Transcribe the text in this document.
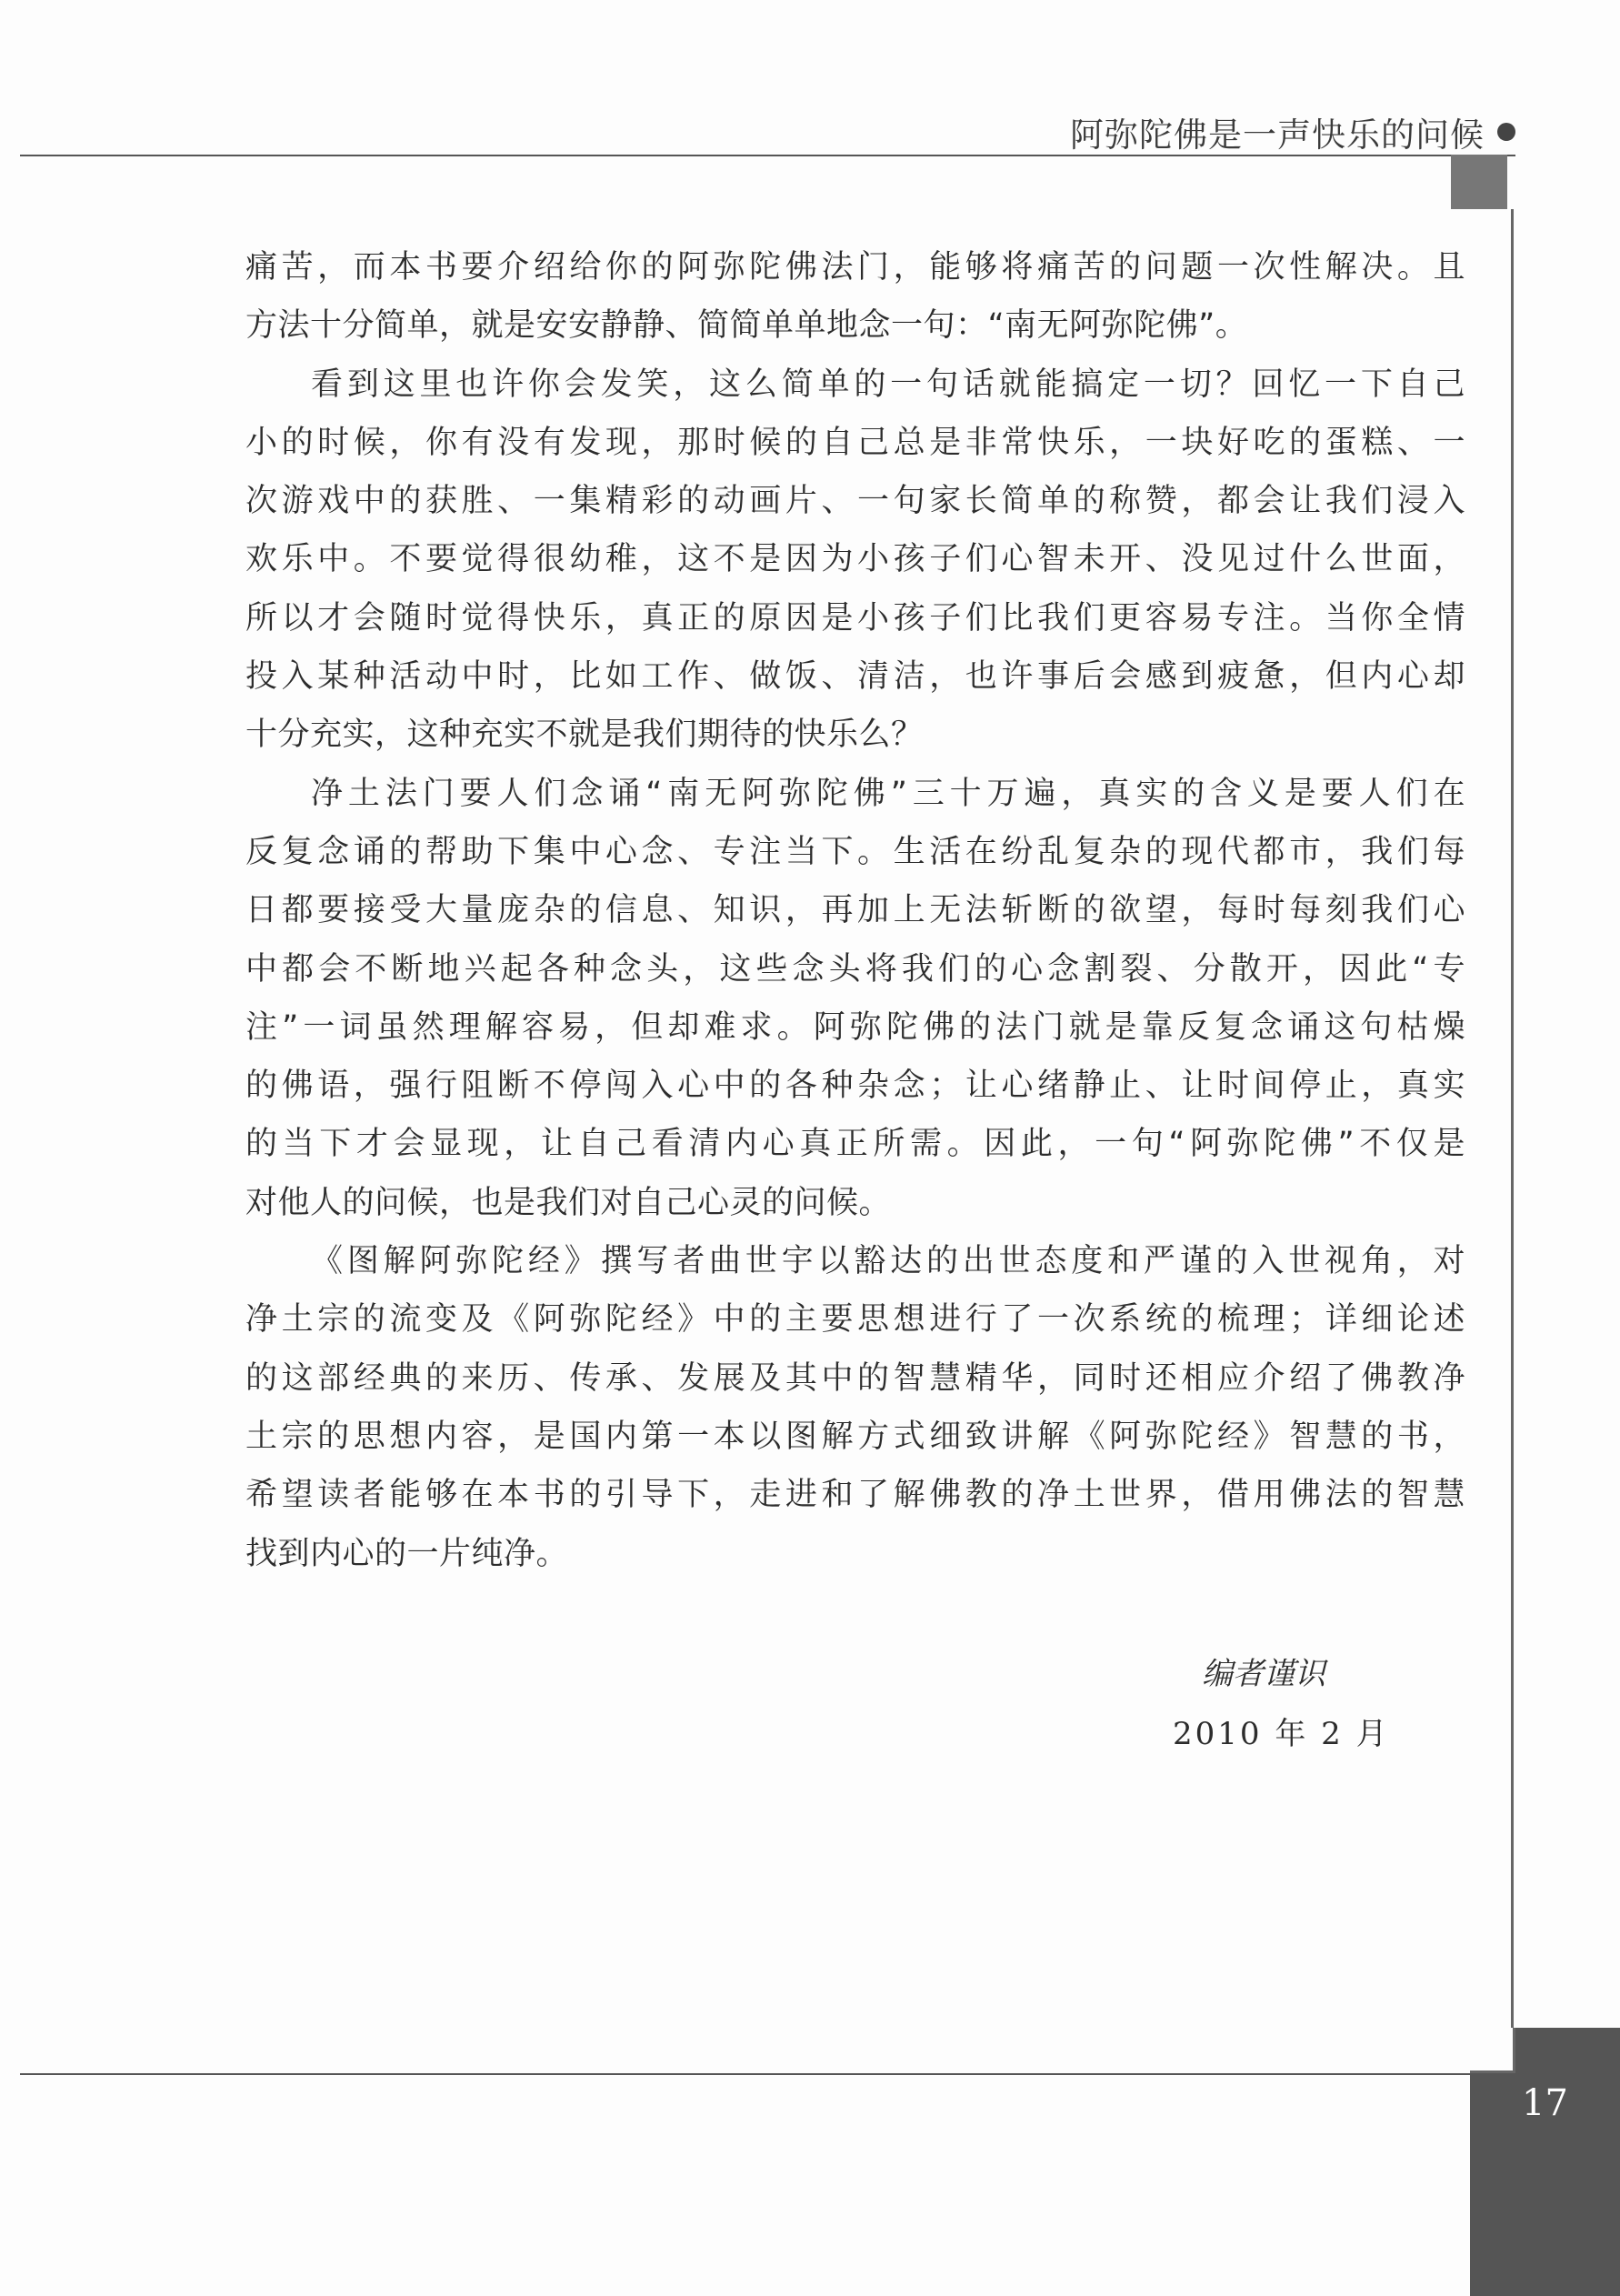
阿弥陀佛是一声快乐的问候
17

痛苦，而本书要介绍给你的阿弥陀佛法门，能够将痛苦的问题一次性解决。且
方法十分简单，就是安安静静、简简单单地念一句：“南无阿弥陀佛”。

看到这里也许你会发笑，这么简单的一句话就能搞定一切？回忆一下自己
小的时候，你有没有发现，那时候的自己总是非常快乐，一块好吃的蛋糕、一
次游戏中的获胜、一集精彩的动画片、一句家长简单的称赞，都会让我们浸入
欢乐中。不要觉得很幼稚，这不是因为小孩子们心智未开、没见过什么世面，
所以才会随时觉得快乐，真正的原因是小孩子们比我们更容易专注。当你全情
投入某种活动中时，比如工作、做饭、清洁，也许事后会感到疲惫，但内心却
十分充实，这种充实不就是我们期待的快乐么？

净土法门要人们念诵“南无阿弥陀佛”三十万遍，真实的含义是要人们在
反复念诵的帮助下集中心念、专注当下。生活在纷乱复杂的现代都市，我们每
日都要接受大量庞杂的信息、知识，再加上无法斩断的欲望，每时每刻我们心
中都会不断地兴起各种念头，这些念头将我们的心念割裂、分散开，因此“专
注”一词虽然理解容易，但却难求。阿弥陀佛的法门就是靠反复念诵这句枯燥
的佛语，强行阻断不停闯入心中的各种杂念；让心绪静止、让时间停止，真实
的当下才会显现，让自己看清内心真正所需。因此，一句“阿弥陀佛”不仅是
对他人的问候，也是我们对自己心灵的问候。

《图解阿弥陀经》撰写者曲世宇以豁达的出世态度和严谨的入世视角，对
净土宗的流变及《阿弥陀经》中的主要思想进行了一次系统的梳理；详细论述
的这部经典的来历、传承、发展及其中的智慧精华，同时还相应介绍了佛教净
土宗的思想内容，是国内第一本以图解方式细致讲解《阿弥陀经》智慧的书，
希望读者能够在本书的引导下，走进和了解佛教的净土世界，借用佛法的智慧
找到内心的一片纯净。

编者谨识
2010 年 2 月
